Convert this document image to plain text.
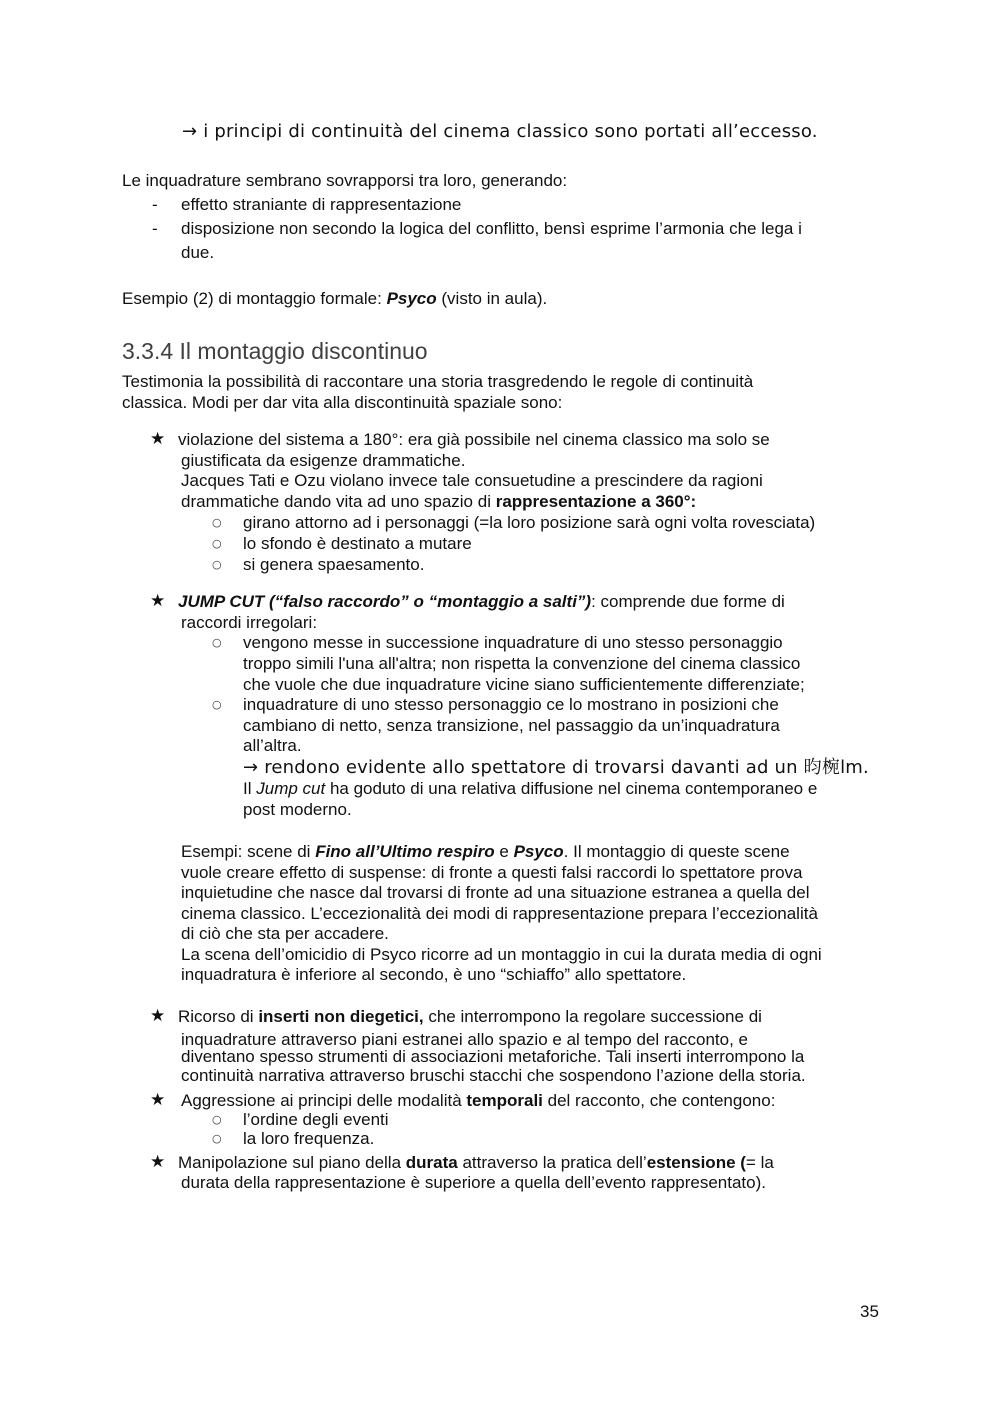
→ i principi di continuità del cinema classico sono portati all’eccesso.
Le inquadrature sembrano sovrapporsi tra loro, generando:
- effetto straniante di rappresentazione
- disposizione non secondo la logica del conflitto, bensì esprime l’armonia che lega i
due.
Esempio (2) di montaggio formale: Psyco (visto in aula).
3.3.4 Il montaggio discontinuo
Testimonia la possibilità di raccontare una storia trasgredendo le regole di continuità
classica. Modi per dar vita alla discontinuità spaziale sono:
★ violazione del sistema a 180°: era già possibile nel cinema classico ma solo se
giustificata da esigenze drammatiche.
Jacques Tati e Ozu violano invece tale consuetudine a prescindere da ragioni
drammatiche dando vita ad uno spazio di rappresentazione a 360°:
○ girano attorno ad i personaggi (=la loro posizione sarà ogni volta rovesciata)
○ lo sfondo è destinato a mutare
○ si genera spaesamento.
★ JUMP CUT (“falso raccordo” o “montaggio a salti”): comprende due forme di
raccordi irregolari:
○ vengono messe in successione inquadrature di uno stesso personaggio
troppo simili l'una all'altra; non rispetta la convenzione del cinema classico
che vuole che due inquadrature vicine siano sufficientemente differenziate;
○ inquadrature di uno stesso personaggio ce lo mostrano in posizioni che
cambiano di netto, senza transizione, nel passaggio da un’inquadratura
all’altra.
→ rendono evidente allo spettatore di trovarsi davanti ad un 昀椀lm.
Il Jump cut ha goduto di una relativa diffusione nel cinema contemporaneo e
post moderno.
Esempi: scene di Fino all’Ultimo respiro e Psyco. Il montaggio di queste scene
vuole creare effetto di suspense: di fronte a questi falsi raccordi lo spettatore prova
inquietudine che nasce dal trovarsi di fronte ad una situazione estranea a quella del
cinema classico. L’eccezionalità dei modi di rappresentazione prepara l’eccezionalità
di ciò che sta per accadere.
La scena dell’omicidio di Psyco ricorre ad un montaggio in cui la durata media di ogni
inquadratura è inferiore al secondo, è uno “schiaffo” allo spettatore.
★ Ricorso di inserti non diegetici, che interrompono la regolare successione di
inquadrature attraverso piani estranei allo spazio e al tempo del racconto, e
diventano spesso strumenti di associazioni metaforiche. Tali inserti interrompono la
continuità narrativa attraverso bruschi stacchi che sospendono l’azione della storia.
★ Aggressione ai principi delle modalità temporali del racconto, che contengono:
○ l’ordine degli eventi
○ la loro frequenza.
★ Manipolazione sul piano della durata attraverso la pratica dell’estensione (= la
durata della rappresentazione è superiore a quella dell’evento rappresentato).
35
